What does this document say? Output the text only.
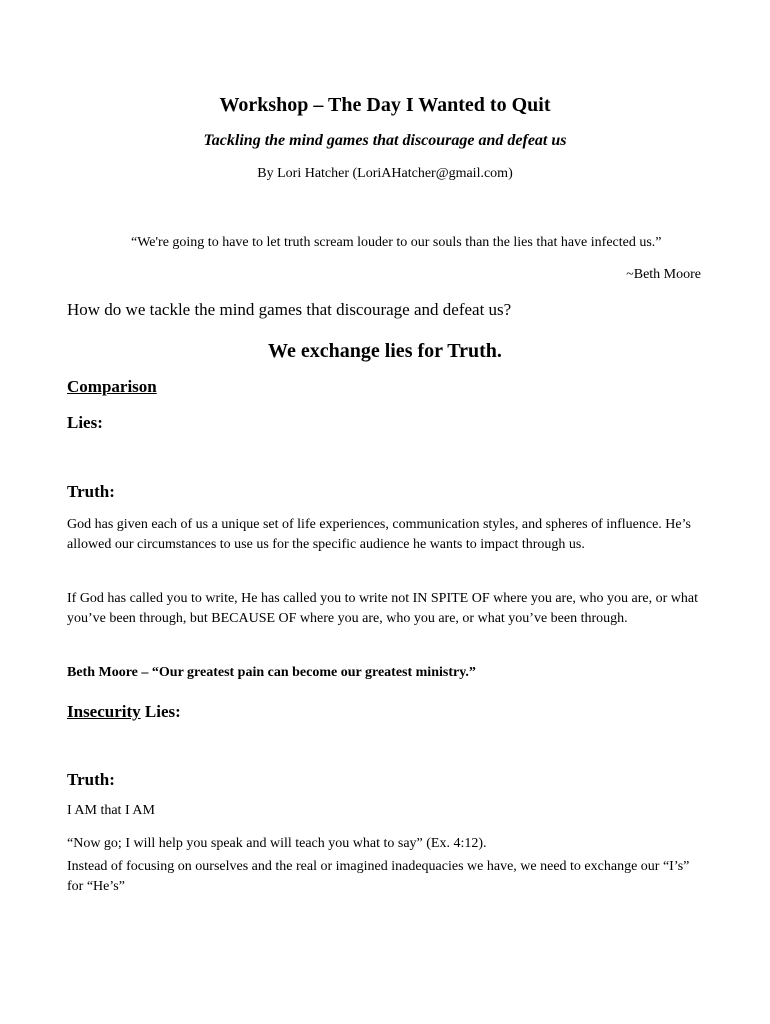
Workshop – The Day I Wanted to Quit
Tackling the mind games that discourage and defeat us
By Lori Hatcher (LoriAHatcher@gmail.com)
“We're going to have to let truth scream louder to our souls than the lies that have infected us.”
~Beth Moore
How do we tackle the mind games that discourage and defeat us?
We exchange lies for Truth.
Comparison
Lies:
Truth:
God has given each of us a unique set of life experiences, communication styles, and spheres of influence. He’s allowed our circumstances to use us for the specific audience he wants to impact through us.
If God has called you to write, He has called you to write not IN SPITE OF where you are, who you are, or what you’ve been through, but BECAUSE OF where you are, who you are, or what you’ve been through.
Beth Moore – “Our greatest pain can become our greatest ministry.”
Insecurity Lies:
Truth:
I AM that I AM
“Now go; I will help you speak and will teach you what to say” (Ex. 4:12).
Instead of focusing on ourselves and the real or imagined inadequacies we have, we need to exchange our “I’s” for “He’s”
